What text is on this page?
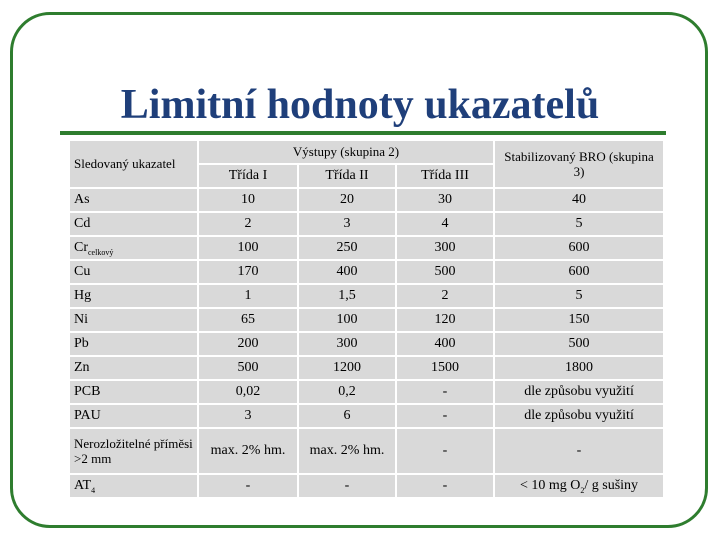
Limitní hodnoty ukazatelů
Sledovaný ukazatel	Výstupy (skupina 2)			Stabilizovaný BRO (skupina 3)
	Třída I	Třída II	Třída III	
As	10	20	30	40
Cd	2	3	4	5
$Cr_{celkový}$	100	250	300	600
Cu	170	400	500	600
Hg	1	1,5	2	5
Ni	65	100	120	150
Pb	200	300	400	500
Zn	500	1200	1500	1800
PCB	0,02	0,2	-	dle způsobu využití
PAU	3	6	-	dle způsobu využití
Nerozložitelné příměsi >2 mm	max. 2% hm.	max. 2% hm.	-	-
$AT_4$	-	-	-	< 10 mg $O_2/$ g sušiny
